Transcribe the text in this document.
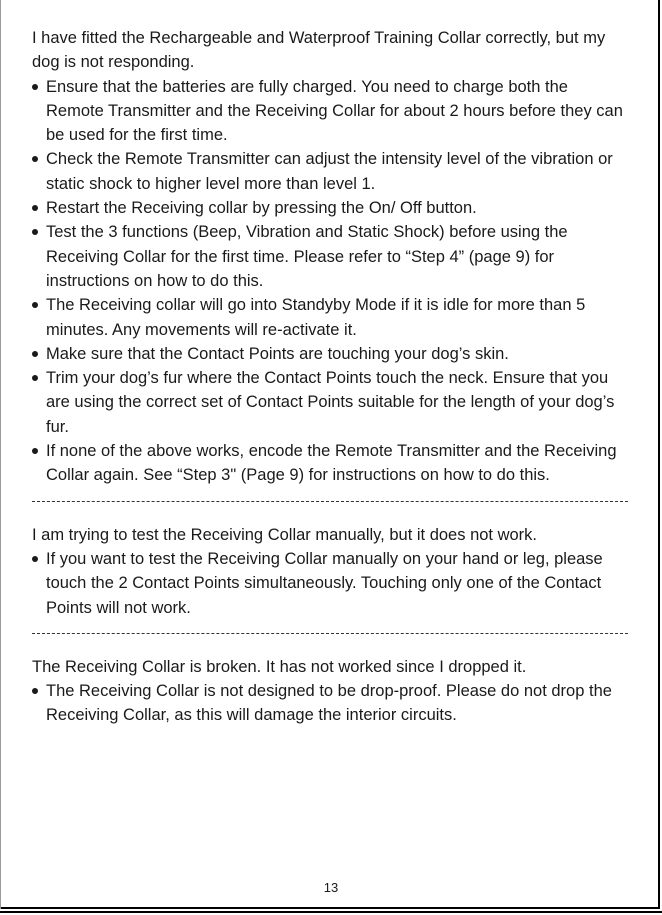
I have fitted the Rechargeable and Waterproof Training Collar correctly, but my dog is not responding.

Ensure that the batteries are fully charged. You need to charge both the Remote Transmitter and the Receiving Collar for about 2 hours before they can be used for the first time.
Check the Remote Transmitter can adjust the intensity level of the vibration or static shock to higher level more than level 1.
Restart the Receiving collar by pressing the On/ Off button.
Test the 3 functions (Beep, Vibration and Static Shock) before using the Receiving Collar for the first time. Please refer to “Step 4” (page 9) for instructions on how to do this.
The Receiving collar will go into Standyby Mode if it is idle for more than 5 minutes. Any movements will re-activate it.
Make sure that the Contact Points are touching your dog’s skin.
Trim your dog’s fur where the Contact Points touch the neck. Ensure that you are using the correct set of Contact Points suitable for the length of your dog’s fur.
If none of the above works, encode the Remote Transmitter and the Receiving Collar again. See “Step 3" (Page 9) for instructions on how to do this.

I am trying to test the Receiving Collar manually, but it does not work.

If you want to test the Receiving Collar manually on your hand or leg, please touch the 2 Contact Points simultaneously. Touching only one of the Contact Points will not work.

The Receiving Collar is broken. It has not worked since I dropped it.

The Receiving Collar is not designed to be drop-proof. Please do not drop the Receiving Collar, as this will damage the interior circuits.
13
